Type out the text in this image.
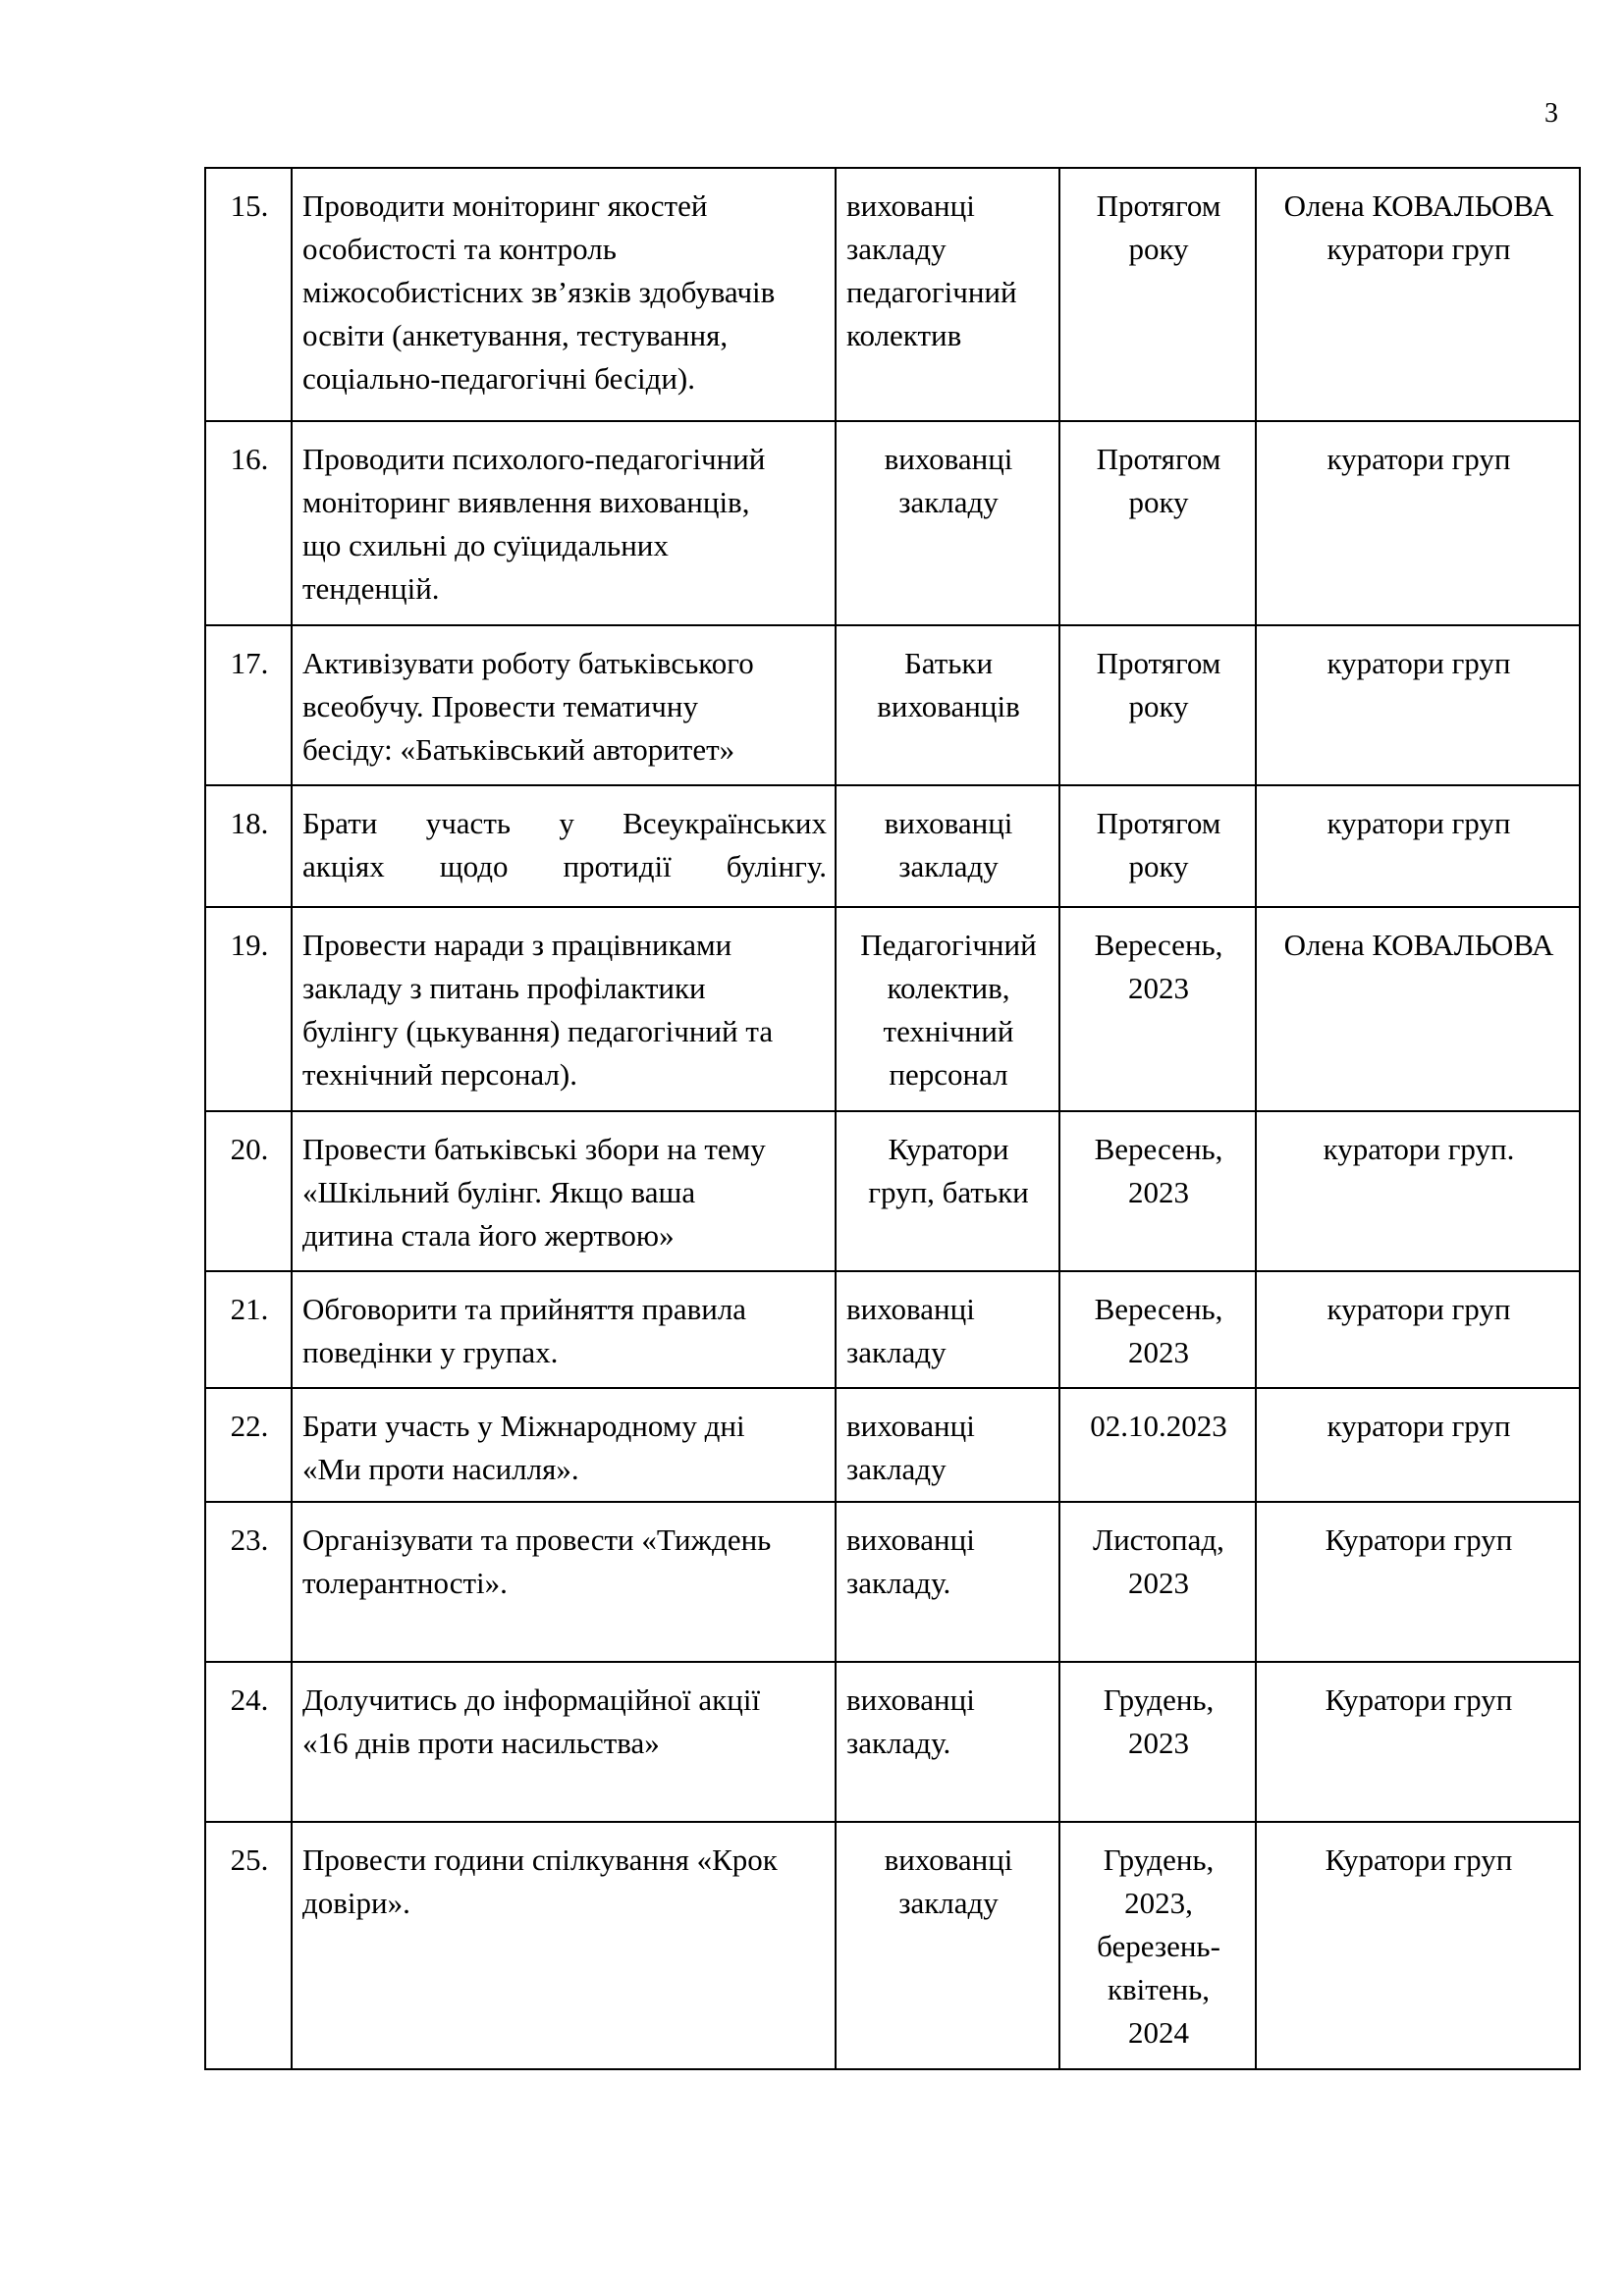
3
15.	Проводити моніторинг якостей
особистості та контроль
міжособистісних зв’язків здобувачів
освіти (анкетування, тестування,
соціально-педагогічні бесіди).	вихованці
закладу
педагогічний
колектив	Протягом
року	Олена КОВАЛЬОВА
куратори груп

16.	Проводити психолого-педагогічний
моніторинг виявлення вихованців,
що схильні до суїцидальних
тенденцій.	вихованці
закладу	Протягом
року	куратори груп

17.	Активізувати роботу батьківського
всеобучу. Провести тематичну
бесіду: «Батьківський авторитет»	Батьки
вихованців	Протягом
року	куратори груп

18.	Брати участь у Всеукраїнських
акціях щодо протидії булінгу.	вихованці
закладу	Протягом
року	куратори груп

19.	Провести наради з працівниками
закладу з питань профілактики
булінгу (цькування) педагогічний та
технічний персонал).	Педагогічний
колектив,
технічний
персонал	Вересень,
2023	Олена КОВАЛЬОВА

20.	Провести батьківські збори на тему
«Шкільний булінг. Якщо ваша
дитина стала його жертвою»	Куратори
груп, батьки	Вересень,
2023	куратори груп.

21.	Обговорити та прийняття правила
поведінки у групах.	вихованці
закладу	Вересень,
2023	куратори груп

22.	Брати участь у Міжнародному дні
«Ми проти насилля».	вихованці
закладу	02.10.2023	куратори груп

23.	Організувати та провести «Тиждень
толерантності».	вихованці
закладу.	Листопад,
2023	Куратори груп

24.	Долучитись до інформаційної акції
«16 днів проти насильства»	вихованці
закладу.	Грудень,
2023	Куратори груп

25.	Провести години спілкування «Крок
довіри».	вихованці
закладу	Грудень,
2023,
березень-
квітень,
2024	Куратори груп
